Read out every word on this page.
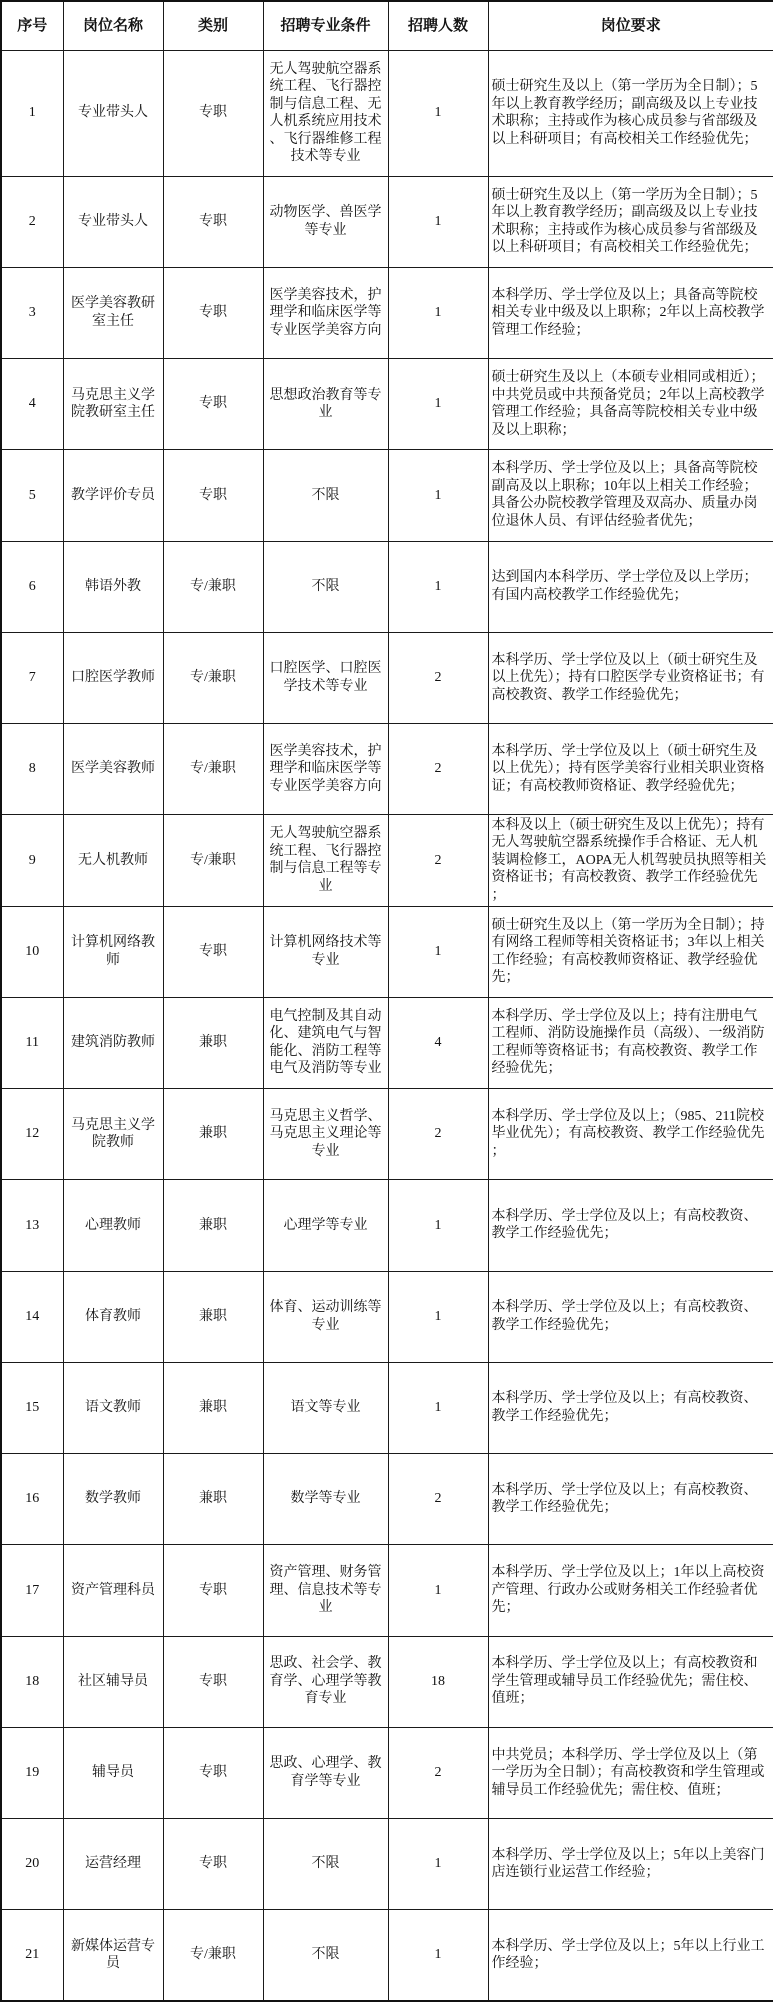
序号	岗位名称	类别	招聘专业条件	招聘人数	岗位要求
1	专业带头人	专职	无人驾驶航空器系统工程、飞行器控制与信息工程、无人机系统应用技术、飞行器维修工程技术等专业	1	硕士研究生及以上（第一学历为全日制）；5年以上教育教学经历；副高级及以上专业技术职称；主持或作为核心成员参与省部级及以上科研项目；有高校相关工作经验优先；
2	专业带头人	专职	动物医学、兽医学等专业	1	硕士研究生及以上（第一学历为全日制）；5年以上教育教学经历；副高级及以上专业技术职称；主持或作为核心成员参与省部级及以上科研项目；有高校相关工作经验优先；
3	医学美容教研室主任	专职	医学美容技术，护理学和临床医学等专业医学美容方向	1	本科学历、学士学位及以上；具备高等院校相关专业中级及以上职称；2年以上高校教学管理工作经验；
4	马克思主义学院教研室主任	专职	思想政治教育等专业	1	硕士研究生及以上（本硕专业相同或相近）；中共党员或中共预备党员；2年以上高校教学管理工作经验；具备高等院校相关专业中级及以上职称；
5	教学评价专员	专职	不限	1	本科学历、学士学位及以上；具备高等院校副高及以上职称；10年以上相关工作经验；具备公办院校教学管理及双高办、质量办岗位退休人员、有评估经验者优先；
6	韩语外教	专/兼职	不限	1	达到国内本科学历、学士学位及以上学历；有国内高校教学工作经验优先；
7	口腔医学教师	专/兼职	口腔医学、口腔医学技术等专业	2	本科学历、学士学位及以上（硕士研究生及以上优先）；持有口腔医学专业资格证书；有高校教资、教学工作经验优先；
8	医学美容教师	专/兼职	医学美容技术，护理学和临床医学等专业医学美容方向	2	本科学历、学士学位及以上（硕士研究生及以上优先）；持有医学美容行业相关职业资格证；有高校教师资格证、教学经验优先；
9	无人机教师	专/兼职	无人驾驶航空器系统工程、飞行器控制与信息工程等专业	2	本科及以上（硕士研究生及以上优先）；持有无人驾驶航空器系统操作手合格证、无人机装调检修工，AOPA无人机驾驶员执照等相关资格证书；有高校教资、教学工作经验优先；
10	计算机网络教师	专职	计算机网络技术等专业	1	硕士研究生及以上（第一学历为全日制）；持有网络工程师等相关资格证书；3年以上相关工作经验；有高校教师资格证、教学经验优先；
11	建筑消防教师	兼职	电气控制及其自动化、建筑电气与智能化、消防工程等电气及消防等专业	4	本科学历、学士学位及以上；持有注册电气工程师、消防设施操作员（高级）、一级消防工程师等资格证书；有高校教资、教学工作经验优先；
12	马克思主义学院教师	兼职	马克思主义哲学、马克思主义理论等专业	2	本科学历、学士学位及以上；（985、211院校毕业优先）；有高校教资、教学工作经验优先；
13	心理教师	兼职	心理学等专业	1	本科学历、学士学位及以上；有高校教资、教学工作经验优先；
14	体育教师	兼职	体育、运动训练等专业	1	本科学历、学士学位及以上；有高校教资、教学工作经验优先；
15	语文教师	兼职	语文等专业	1	本科学历、学士学位及以上；有高校教资、教学工作经验优先；
16	数学教师	兼职	数学等专业	2	本科学历、学士学位及以上；有高校教资、教学工作经验优先；
17	资产管理科员	专职	资产管理、财务管理、信息技术等专业	1	本科学历、学士学位及以上；1年以上高校资产管理、行政办公或财务相关工作经验者优先；
18	社区辅导员	专职	思政、社会学、教育学、心理学等教育专业	18	本科学历、学士学位及以上；有高校教资和学生管理或辅导员工作经验优先；需住校、值班；
19	辅导员	专职	思政、心理学、教育学等专业	2	中共党员；本科学历、学士学位及以上（第一学历为全日制）；有高校教资和学生管理或辅导员工作经验优先；需住校、值班；
20	运营经理	专职	不限	1	本科学历、学士学位及以上；5年以上美容门店连锁行业运营工作经验；
21	新媒体运营专员	专/兼职	不限	1	本科学历、学士学位及以上；5年以上行业工作经验；
